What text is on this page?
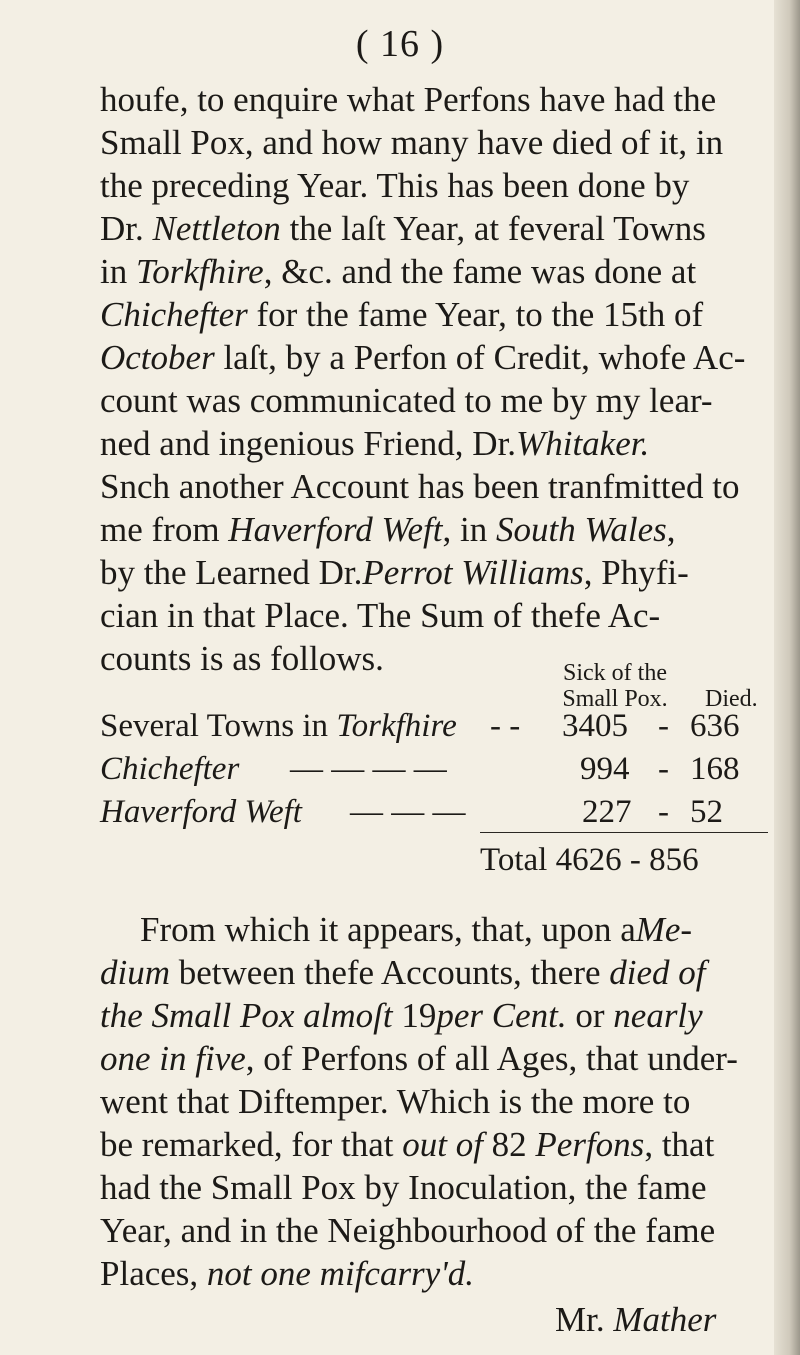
( 16 )
houfe, to enquire what Perfons have had the
Small Pox, and how many have died of it, in
the preceding Year. This has been done by
Dr. Nettleton the laſt Year, at feveral Towns
in Torkfhire, &c. and the fame was done at
Chichefter for the fame Year, to the 15th of
October laſt, by a Perfon of Credit, whofe Ac-
count was communicated to me by my lear-
ned and ingenious Friend, Dr.Whitaker.
Snch another Account has been tranfmitted to
me from Haverford Weft, in South Wales,
by the Learned Dr.Perrot Williams, Phyfi-
cian in that Place. The Sum of thefe Ac-
counts is as follows.	Sick of the
Small Pox.	Died.
Several Towns in Torkfhire - - 3405 - 636
Chichefter — — — —	994 - 168
Haverford Weft — — —	227 - 52
Total 4626 - 856
From which it appears, that, upon aMe-
dium between thefe Accounts, there died of
the Small Pox almoſt 19per Cent. or nearly
one in five, of Perfons of all Ages, that under-
went that Diftemper. Which is the more to
be remarked, for that out of 82 Perfons, that
had the Small Pox by Inoculation, the fame
Year, and in the Neighbourhood of the fame
Places, not one mifcarry'd.
Mr. Mather
